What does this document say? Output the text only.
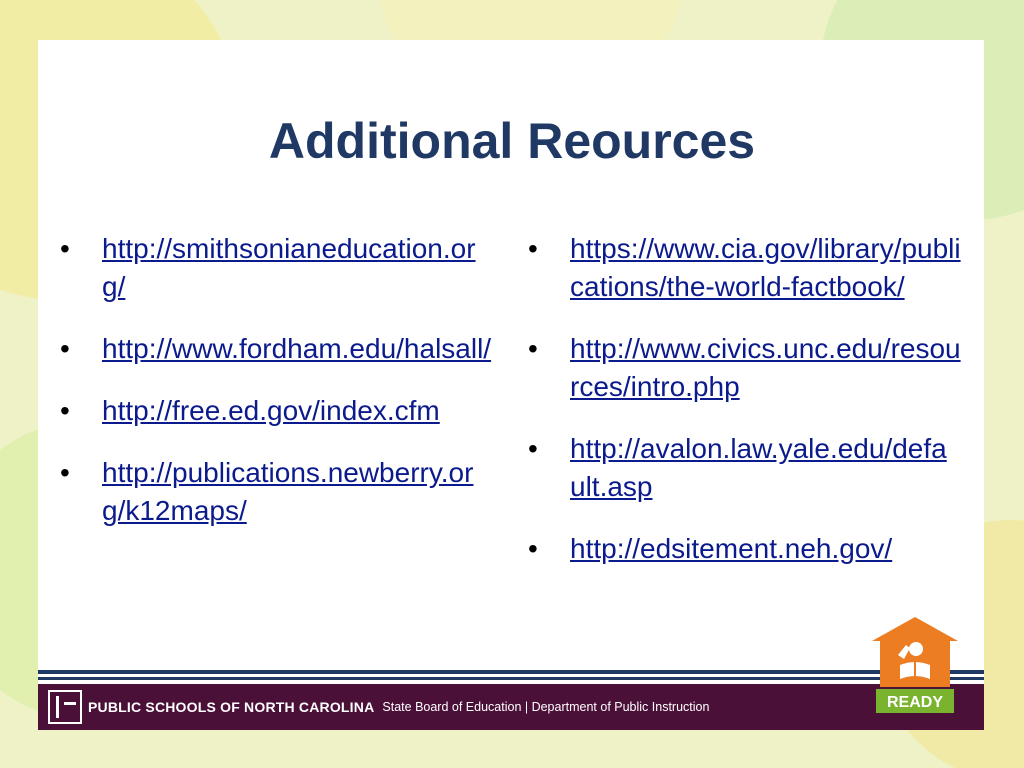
Additional Reources
• http://smithsonianeducation.org/
• http://www.fordham.edu/halsall/
• http://free.ed.gov/index.cfm
• http://publications.newberry.org/k12maps/
• https://www.cia.gov/library/publications/the-world-factbook/
• http://www.civics.unc.edu/resources/intro.php
• http://avalon.law.yale.edu/default.asp
• http://edsitement.neh.gov/
PUBLIC SCHOOLS OF NORTH CAROLINA State Board of Education | Department of Public Instruction	READY
